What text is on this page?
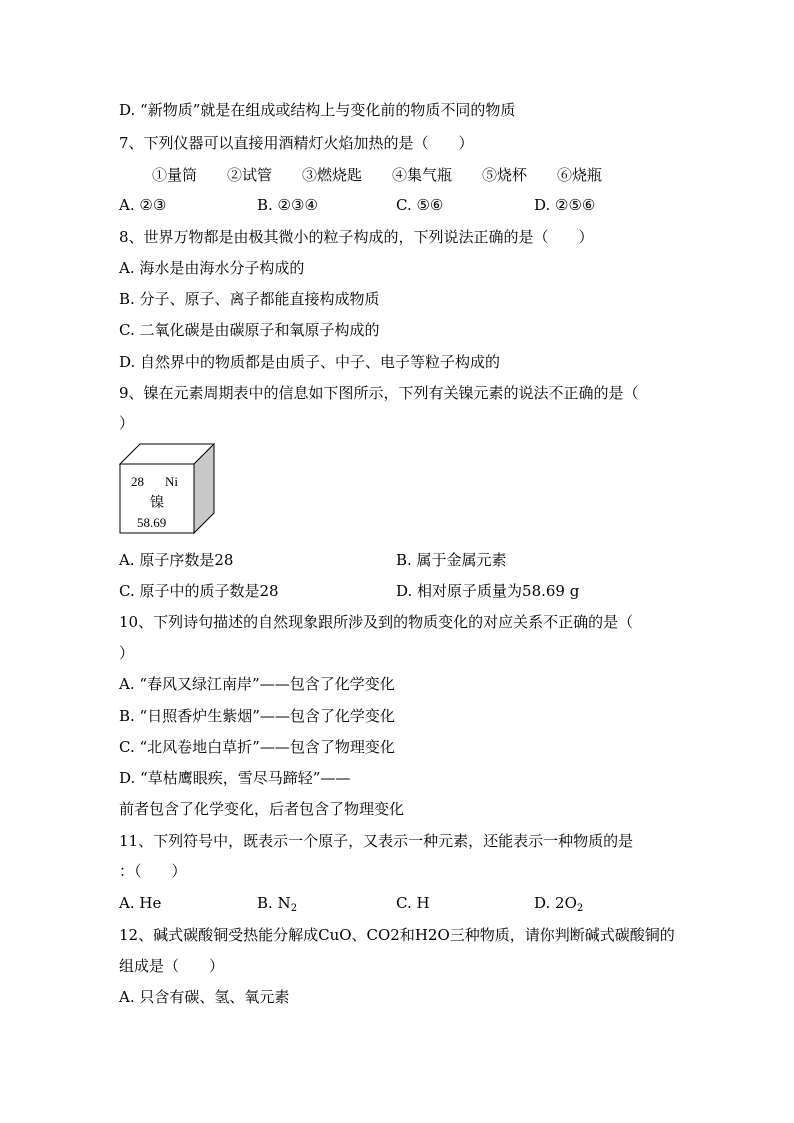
D. “新物质”就是在组成或结构上与变化前的物质不同的物质
7、下列仪器可以直接用酒精灯火焰加热的是（　　）
①量筒　　②试管　　③燃烧匙　　④集气瓶　　⑤烧杯　　⑥烧瓶
A. ②③	B. ②③④	C. ⑤⑥	D. ②⑤⑥
8、世界万物都是由极其微小的粒子构成的，下列说法正确的是（　　）
A. 海水是由海水分子构成的
B. 分子、原子、离子都能直接构成物质
C. 二氧化碳是由碳原子和氧原子构成的
D. 自然界中的物质都是由质子、中子、电子等粒子构成的
9、镍在元素周期表中的信息如下图所示，下列有关镍元素的说法不正确的是（
）
28 Ni
镍
58.69
A. 原子序数是28	B. 属于金属元素
C. 原子中的质子数是28	D. 相对原子质量为58.69 g
10、下列诗句描述的自然现象跟所涉及到的物质变化的对应关系不正确的是（
）
A. “春风又绿江南岸”——包含了化学变化
B. “日照香炉生紫烟”——包含了化学变化
C. “北风卷地白草折”——包含了物理变化
D. “草枯鹰眼疾，雪尽马蹄轻”——
前者包含了化学变化，后者包含了物理变化
11、下列符号中，既表示一个原子，又表示一种元素，还能表示一种物质的是
：（　　）
A. He	B. $N_2$	C. H	D. $2O_2$
12、碱式碳酸铜受热能分解成CuO、CO2和H2O三种物质，请你判断碱式碳酸铜的
组成是（　　）
A. 只含有碳、氢、氧元素
